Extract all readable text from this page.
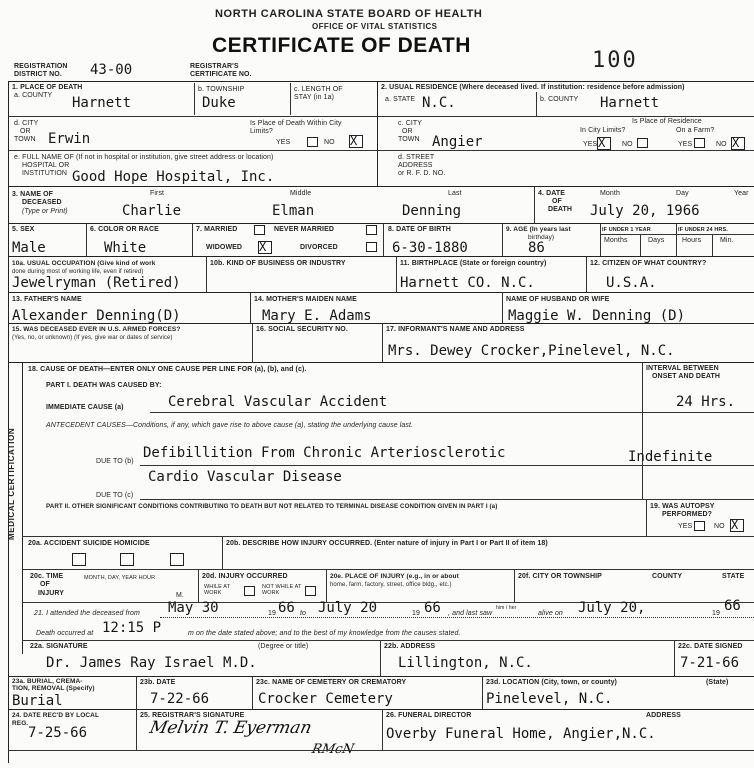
NORTH CAROLINA STATE BOARD OF HEALTH
OFFICE OF VITAL STATISTICS
CERTIFICATE OF DEATH
REGISTRATION
DISTRICT NO. 43-00	REGISTRAR'S
CERTIFICATE NO.
100
1. PLACE OF DEATH
a. COUNTY Harnett
b. TOWNSHIP
Duke
c. LENGTH OF
STAY (in 1a)
d. CITY
OR
TOWN Erwin
Is Place of Death Within City
Limits?
YES	NO X
e. FULL NAME OF (If not in hospital or institution, give street address or location)
HOSPITAL OR
INSTITUTION Good Hope Hospital, Inc.
2. USUAL RESIDENCE (Where deceased lived. If institution: residence before admission)
a. STATE N.C.	b. COUNTY Harnett
c. CITY
OR
TOWN Angier
Is Place of Residence
In City Limits?	On a Farm?
YES X NO	YES	NO X
d. STREET
ADDRESS
or R. F. D. NO.
3. NAME OF
DECEASED
(Type or Print)
First	Middle	Last
Charlie	Elman	Denning
4. DATE
OF
DEATH
Month	Day	Year
July 20, 1966
5. SEX
Male
6. COLOR OR RACE
White
7. MARRIED	NEVER MARRIED
WIDOWED X	DIVORCED
8. DATE OF BIRTH
6-30-1880
9. AGE (In years last
birthday)
86
IF UNDER 1 YEAR	IF UNDER 24 HRS.
Months	Days	Hours	Min.
10a. USUAL OCCUPATION (Give kind of work
done during most of working life, even if retired)
Jewelryman (Retired)
10b. KIND OF BUSINESS OR INDUSTRY	11. BIRTHPLACE (State or foreign country)
Harnett CO. N.C.
12. CITIZEN OF WHAT COUNTRY?
U.S.A.
13. FATHER'S NAME
Alexander Denning(D)
14. MOTHER'S MAIDEN NAME
Mary E. Adams
NAME OF HUSBAND OR WIFE
Maggie W. Denning (D)
15. WAS DECEASED EVER IN U.S. ARMED FORCES?
(Yes, no, or unknown) (If yes, give war or dates of service)
16. SOCIAL SECURITY NO.	17. INFORMANT'S NAME AND ADDRESS
Mrs. Dewey Crocker,Pinelevel, N.C.
MEDICAL CERTIFICATION
18. CAUSE OF DEATH—ENTER ONLY ONE CAUSE PER LINE FOR (a), (b), and (c).
PART I. DEATH WAS CAUSED BY:
INTERVAL BETWEEN
ONSET AND DEATH
IMMEDIATE CAUSE (a)	Cerebral Vascular Accident	24 Hrs.
ANTECEDENT CAUSES—Conditions, if any, which gave rise to above cause (a), stating the underlying cause last.
DUE TO (b)
Defibillition From Chronic Arteriosclerotic
Cardio Vascular Disease
Indefinite
DUE TO (c)
PART II. OTHER SIGNIFICANT CONDITIONS CONTRIBUTING TO DEATH BUT NOT RELATED TO TERMINAL DISEASE CONDITION GIVEN IN PART I (a)	19. WAS AUTOPSY
PERFORMED?
YES	NO X
20a. ACCIDENT SUICIDE HOMICIDE	20b. DESCRIBE HOW INJURY OCCURRED. (Enter nature of injury in Part I or Part II of item 18)
20c. TIME
OF
INJURY
MONTH, DAY, YEAR HOUR
M.
20d. INJURY OCCURRED
WHILE AT WORK
NOT WHILE AT WORK
20e. PLACE OF INJURY (e.g., in or about
home, farm, factory, street, office bldg., etc.)
20f. CITY OR TOWNSHIP	COUNTY	STATE
21. I attended the deceased from May 30	19 66 to July 20	19 66 , and last saw
him / her
alive on July 20,	19 66
Death occurred at 12:15 P	m on the date stated above; and to the best of my knowledge from the causes stated.
22a. SIGNATURE	(Degree or title)
Dr. James Ray Israel M.D.
22b. ADDRESS
Lillington, N.C.
22c. DATE SIGNED
7-21-66
23a. BURIAL, CREMA-
TION, REMOVAL (Specify)
Burial
23b. DATE
7-22-66
23c. NAME OF CEMETERY OR CREMATORY
Crocker Cemetery
23d. LOCATION (City, town, or county)	(State)
Pinelevel, N.C.
24. DATE REC'D BY LOCAL
REG.
7-25-66
25. REGISTRAR'S SIGNATURE
Melvin T. Eyerman
RMcN
26. FUNERAL DIRECTOR	ADDRESS
Overby Funeral Home, Angier,N.C.
